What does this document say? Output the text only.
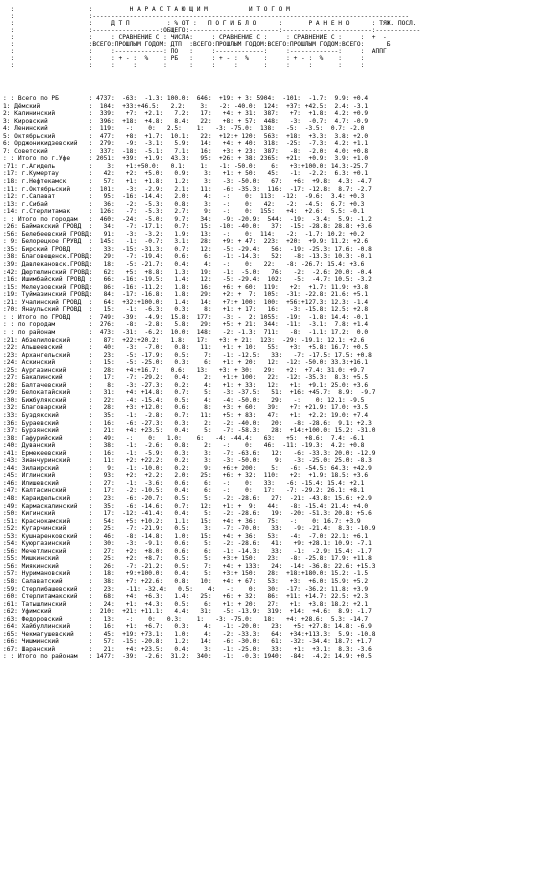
:                    :          Н А Р А С Т А Ю Щ И М           И Т О Г О М
:                    :-------------------------------------------------------------------------------------
:                    :     Д Т П          : % ОТ :   П О Г И Б Л О      :       Р А Н Е Н О      : ТЯЖ. ПОСЛ.
:                    :------------------:ОБЩЕГО:------------------------:------------------------:------------
:                    :     : СРАВНЕНИЕ С : ЧИСЛА:     : СРАВНЕНИЕ С :     : СРАВНЕНИЕ С :     :  +  -
:                    :ВСЕГО:ПРОШЛЫМ ГОДОМ: ДТП  :ВСЕГО:ПРОШЛЫМ ГОДОМ:ВСЕГО:ПРОШЛЫМ ГОДОМ:ВСЕГО:      Б
:                    :     :-------------: ПО   :     :-------------:     :-------------:     :  АППГ
:                    :     : + - :  %    : РБ   :     : + - :  %    :     : + - :  %    :     :
:                    :     :     :       :      :     :     :       :     :     :       :     :
: : Всего по РБ        : 4737:  -63:  -1.3: 100.0:  646:  +19: + 3: 5904:  -101:  -1.7:  9.9: +0.4
1: Дёмский             :  104:  +33:+46.5:   2.2:    3:   -2: -40.0:  124:  +37: +42.5:  2.4: -3.1
2: Калининский         :  339:   +7:  +2.1:   7.2:   17:   +4: + 31:  387:   +7:  +1.8:  4.2: +0.9
3: Кировский           :  396:  +18:  +4.8:   8.4:   22:   +8: + 57:  448:   -3:  -0.7:  4.7: -0.9
4: Ленинский           :  119:   -:    0:   2.5:    1:   -3: -75.0:  138:   -5:  -3.5:  0.7: -2.0
5: Октябрьский         :  477:   +8:  +1.7:  10.1:   22:  +12:+ 120:  563:  +18:  +3.3:  3.8: +2.0
6: Орджоникидзевский   :  279:   -9:  -3.1:   5.9:   14:   +4: + 40:  318:  -25:  -7.3:  4.2: +1.1
7: Советский           :  337:  -18:  -5.1:   7.1:   16:   +3: + 23:  387:   -8:  -2.0:  4.0: +0.8
: : Итого по г.Уфе     : 2051:  +39:  +1.9:  43.3:   95:  +26: + 38: 2365:  +21:  +0.9:  3.9: +1.0
:71: г.Агидель         :    3:   +1:+50.0:   0.1:    1:   -1: -50.0:    6:   +3:+100.0: 14.3:-25.7
:17: г.Кумертау        :   42:   +2:  +5.0:   0.9:    3:   +1: + 50:   45:   -1:  -2.2:  6.3: +0.1
:18: г.Нефтекамск      :   57:   +1:  +1.8:   1.2:    3:   -3: -50.0:   67:   +6:  +9.8:  4.3: -4.7
:11: г.Октябрьский     :  101:   -3:  -2.9:   2.1:   11:   -6: -35.3:  116:  -17: -12.8:  8.7: -2.7
:12: г.Салават         :   95:  -16: -14.4:   2.0:    4:   -:    0:  113:  -12:  -9.6:  3.4: +0.3
:13: г.Сибай           :   36:   -2:  -5.3:   0.8:    3:   -:    0:   42:   -2:  -4.5:  6.7: +0.3
:14: г.Стерлитамак     :  126:   -7:  -5.3:   2.7:    9:   -:    0:  155:   +4:  +2.6:  5.5: -0.1
: : Итого по городам   :  460:  -24:  -5.0:   9.7:   34:   -9: -20.9:  544:  -19:  -3.4:  5.9: -1.2
:26: Баймакский ГРОВД  :   34:   -7: -17.1:   0.7:   15:  -10: -40.0:   37:  -15: -28.8: 28.8: +3.6
:56: Белебеевский ГРОВД:   91:   -3:  -3.2:   1.9:   13:   -:    0:  114:   -2:  -1.7: 10.2: +0.2
: 9: Белорецкое ГРУВД  :  145:   -1:  -0.7:   3.1:   28:   +9: + 47:  223:  +20:  +9.9: 11.2: +2.6
:35: Бирский ГРОВД     :   33:  -15: -31.3:   0.7:   12:   -5: -29.4:   56:  -19: -25.3: 17.6: -0.8
:38: Благовещенск.ГРОВД:   29:   -7: -19.4:   0.6:    6:   -1: -14.3:   52:   -8: -13.3: 10.3: -0.1
:39: Давлекановск.ГРОВД:   18:   -5: -21.7:   0.4:    4:   -:    0:   22:   -8: -26.7: 15.4: +3.6
:42: Дюртюлинский ГРОВД:   62:   +5:  +8.8:   1.3:   19:   -1:  -5.0:   76:   -2:  -2.6: 20.0: -0.4
:16: Ишимбайский ГРОВД :   66:  -16: -19.5:   1.4:   12:   -5: -29.4:  102:   -5:  -4.7: 10.5: -3.2
:15: Мелеузовский ГРОВД:   86:  -16: -11.2:   1.8:   16:   +6: + 60:  119:   +2:  +1.7: 11.9: +3.8
:19: Туймазинский ГРОВД:   84:  -17: -16.8:   1.8:   29:   +2: +  7:  105:  -31: -22.8: 21.6: +5.1
:21: Учалинский ГРОВД  :   64:  +32:+100.0:   1.4:   14:   +7:+ 100:  100:  +56:+127.3: 12.3: -1.4
:70: Янаульский ГРОВД  :   15:   -1:  -6.3:   0.3:    8:   +1: + 17:   16:   -3: -15.8: 12.5: +2.8
: : Итого по ГРОВД     :  749:  -39:  -4.9:  15.8:  177:   -3: -  2: 1055:  -19:  -1.8: 14.4: -0.1
: : по городам         :  276:   -8:  -2.8:   5.8:   29:   +5: + 21:  344:  -11:  -3.1:  7.8: +1.4
: : по районам         :  473:  -31:  -6.2:  10.0:  148:   -2: -1.3:  711:   -8:  -1.1: 17.2:  0.0
:21: Абзелиловский     :   87:  +22:+20.2:   1.8:   17:   +3: + 21:  123:  -29: -19.1: 12.1: +2.6
:22: Альшеевский       :   40:   -3:  -7.0:   0.8:   11:   +1: + 10:   55:   +3:  +5.8: 16.7: +0.5
:23: Архангельский     :   23:   -5: -17.9:   0.5:    7:   -1: -12.5:   33:   -7: -17.5: 17.5: +0.8
:24: Аскинский         :   15:   -5: -25.0:   0.3:    6:   +1: + 20:   12:  -12: -50.0: 33.3:+16.1
:25: Аургазинский      :   28:   +4:+16.7:   0.6:   13:   +3: + 30:   29:   +2:  +7.4: 31.0: +9.7
:27: Бакалинский       :   17:   -7: -29.2:   0.4:    2:   +1:+ 100:   22:  -12: -35.3:  8.3: +5.5
:28: Балтачевский      :    8:   -3: -27.3:   0.2:    4:   +1: + 33:   12:   +1:  +9.1: 25.0: +3.6
:29: Белокатайский     :   31:   +4: +14.8:   0.7:    5:   -3: -37.5:   51:  +16: +45.7:  8.9:  -9.7
:30: Бижбулякский      :   22:   -4: -15.4:   0.5:    4:   -4: -50.0:   29:   -:    0: 12.1: -9.5
:32: Благоварский      :   28:   +3: +12.0:   0.6:    8:   +3: + 60:   39:   +7: +21.9: 17.0: +3.5
:33: Буздякский        :   35:   -1:  -2.8:   0.7:   11:   +5: + 83:   47:   +1:  +2.2: 19.0: +7.4
:36: Бураевский        :   16:   -6: -27.3:   0.3:    2:   -2: -40.0:   20:   -8: -28.6:  9.1: +2.3
:37: Бурзянский        :   21:   +4: +23.5:   0.4:    5:   -7: -58.3:   28:  +14:+100.0: 15.2: -31.0
:38: Гафурийский       :   49:   -:    0:   1.0:    6:   -4: -44.4:   63:   +5:  +8.6:  7.4: -6.1
:40: Дуванский         :   38:   -1:  -2.6:   0.8:    2:   -:    0:   46:  -11: -19.3:  4.2: +0.8
:41: Ермекеевский      :   16:   -1:  -5.9:   0.3:    3:   -7: -63.6:   12:   -6: -33.3: 20.0: -12.9
:43: Зианчуринский     :   11:   +2: +22.2:   0.2:    3:   -3: -50.0:    9:   -3: -25.0: 25.0: -8.3
:44: Зилаирский        :    9:   -1: -10.0:   0.2:    9:   +6:+ 200:    5:   -6: -54.5: 64.3: +42.9
:45: Иглинский         :   93:   +2:  +2.2:   2.0:   25:   +6: + 32:  110:   +2:  +1.9: 18.5: +3.6
:46: Илишевский        :   27:   -1:  -3.6:   0.6:    6:   -:    0:   33:   -6: -15.4: 15.4: +2.1
:47: Калтасинский      :   17:   -2: -10.5:   0.4:    6:   -:    0:   17:   -7: -29.2: 26.1: +8.1
:48: Караидельский     :   23:   -6: -20.7:   0.5:    5:   -2: -28.6:   27:  -21: -43.8: 15.6: +2.9
:49: Кармаскалинский   :   35:   -6: -14.6:   0.7:   12:   +1: +  9:   44:   -8: -15.4: 21.4: +4.0
:50: Кигинский         :   17:  -12: -41.4:   0.4:    5:   -2: -28.6:   19:  -20: -51.3: 20.8: +5.6
:51: Краснокамский     :   54:   +5: +10.2:   1.1:   15:   +4: + 36:   75:   -:    0: 16.7: +3.9
:52: Кугарчинский      :   25:   -7: -21.9:   0.5:    3:   -7: -70.0:   33:   -9: -21.4:  8.3: -10.9
:53: Кушнаренковский   :   46:   -8: -14.8:   1.0:   15:   +4: + 36:   53:   -4:  -7.0: 22.1: +6.1
:54: Куюргазинский     :   30:   -3:  -9.1:   0.6:    5:   -2: -28.6:   41:   +9: +28.1: 10.9: -7.1
:56: Мечетлинский      :   27:   +2:  +8.0:   0.6:    6:   -1: -14.3:   33:   -1:  -2.9: 15.4: -1.7
:55: Мишкинский        :   25:   +2:  +8.7:   0.5:    5:   +3:+ 150:   23:   -8: -25.8: 17.9: +11.8
:56: Миякинский        :   26:   -7: -21.2:   0.5:    7:   +4: + 133:   24:  -14: -36.8: 22.6: +15.3
:57: Нуримановский     :   18:   +9:+100.0:   0.4:    5:   +3:+ 150:   28:  +18:+180.0: 15.2: -1.5
:58: Салаватский       :   38:   +7: +22.6:   0.8:   10:   +4: + 67:   53:   +3:  +6.0: 15.9: +5.2
:59: Стерлибашевский   :   23:   -11: -32.4:   0.5:    4:   -:    0:   30:  -17: -36.2: 11.8: +3.9
:60: Стерлитамакский   :   68:   +4:  +6.3:   1.4:   25:   +6: + 32:   86:  +11: +14.7: 22.5: +2.3
:61: Татышлинский      :   24:   +1:  +4.3:   0.5:    6:   +1: + 20:   27:   +1:  +3.8: 18.2: +2.1
:62: Уфимский          :  210:  +21: +11.1:   4.4:   31:   -5: -13.9:  319:  +14:  +4.6:  8.9: -1.7
:63: Федоровский       :   13:   -:    0:   0.3:    1:   -3: -75.0:   18:   +4: +28.6:  5.3: -14.7
:64: Хайбуллинский     :   16:   +1:  +6.7:   0.3:    4:   -1: -20.0:   23:   +5: +27.8: 14.8: -6.9
:65: Чекмагушевский    :   45:  +19: +73.1:   1.0:    4:   -2: -33.3:   64:  +34:+113.3:  5.9: -10.8
:66: Чишминский        :   57:  -15: -20.8:   1.2:   14:   -6: -30.0:   61:  -32: -34.4: 18.7: +1.7
:67: Шаранский         :   21:   +4: +23.5:   0.4:    3:   -1: -25.0:   33:   +1:  +3.1:  8.3: -3.6
: : Итого по районам   : 1477:  -39:  -2.6:  31.2:  340:   -1:  -0.3: 1940:  -84:  -4.2: 14.9: +0.5
